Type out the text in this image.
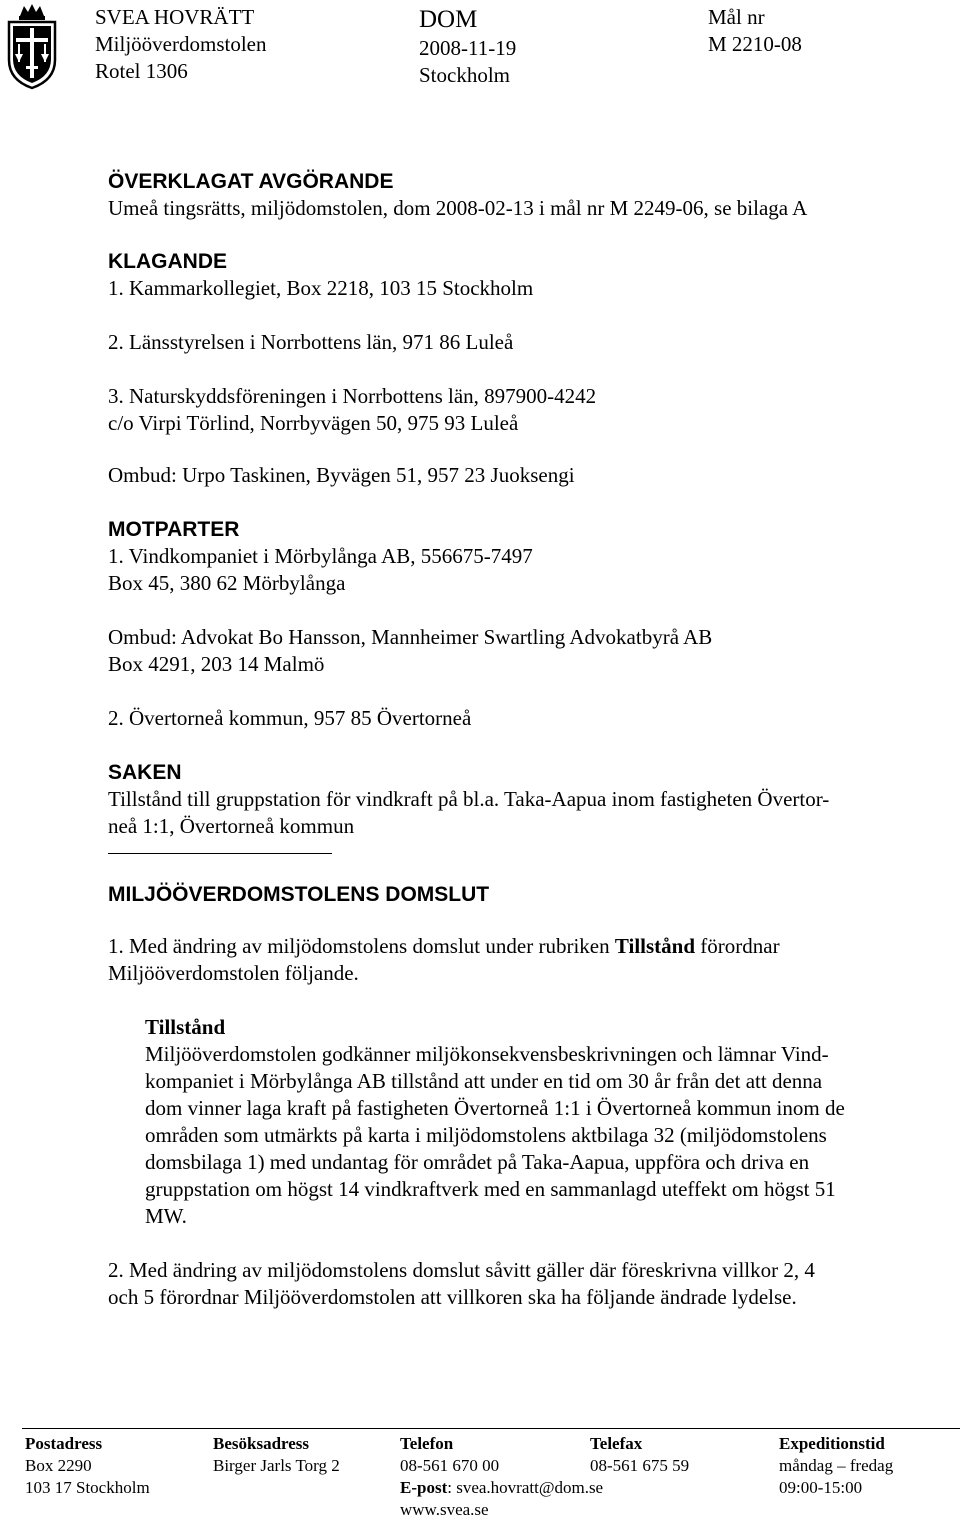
SVEA HOVRÄTT
Miljööverdomstolen
Rotel 1306
DOM
2008-11-19
Stockholm
Mål nr
M 2210-08
ÖVERKLAGAT AVGÖRANDE
Umeå tingsrätts, miljödomstolen, dom 2008-02-13 i mål nr M 2249-06, se bilaga A
KLAGANDE
1. Kammarkollegiet, Box 2218, 103 15 Stockholm
2. Länsstyrelsen i Norrbottens län, 971 86 Luleå
3. Naturskyddsföreningen i Norrbottens län, 897900-4242
c/o Virpi Törlind, Norrbyvägen 50, 975 93 Luleå
Ombud: Urpo Taskinen, Byvägen 51, 957 23 Juoksengi
MOTPARTER
1. Vindkompaniet i Mörbylånga AB, 556675-7497
Box 45, 380 62 Mörbylånga
Ombud: Advokat Bo Hansson, Mannheimer Swartling Advokatbyrå AB
Box 4291, 203 14 Malmö
2. Övertorneå kommun, 957 85 Övertorneå
SAKEN
Tillstånd till gruppstation för vindkraft på bl.a. Taka-Aapua inom fastigheten Övertor-
neå 1:1, Övertorneå kommun
MILJÖÖVERDOMSTOLENS DOMSLUT
1. Med ändring av miljödomstolens domslut under rubriken Tillstånd förordnar
Miljööverdomstolen följande.
Tillstånd
Miljööverdomstolen godkänner miljökonsekvensbeskrivningen och lämnar Vind-
kompaniet i Mörbylånga AB tillstånd att under en tid om 30 år från det att denna
dom vinner laga kraft på fastigheten Övertorneå 1:1 i Övertorneå kommun inom de
områden som utmärkts på karta i miljödomstolens aktbilaga 32 (miljödomstolens
domsbilaga 1) med undantag för området på Taka-Aapua, uppföra och driva en
gruppstation om högst 14 vindkraftverk med en sammanlagd uteffekt om högst 51
MW.
2. Med ändring av miljödomstolens domslut såvitt gäller där föreskrivna villkor 2, 4
och 5 förordnar Miljööverdomstolen att villkoren ska ha följande ändrade lydelse.
Postadress
Box 2290
103 17 Stockholm
Besöksadress
Birger Jarls Torg 2
Telefon
08-561 670 00
E-post: svea.hovratt@dom.se
www.svea.se
Telefax
08-561 675 59
Expeditionstid
måndag – fredag
09:00-15:00
